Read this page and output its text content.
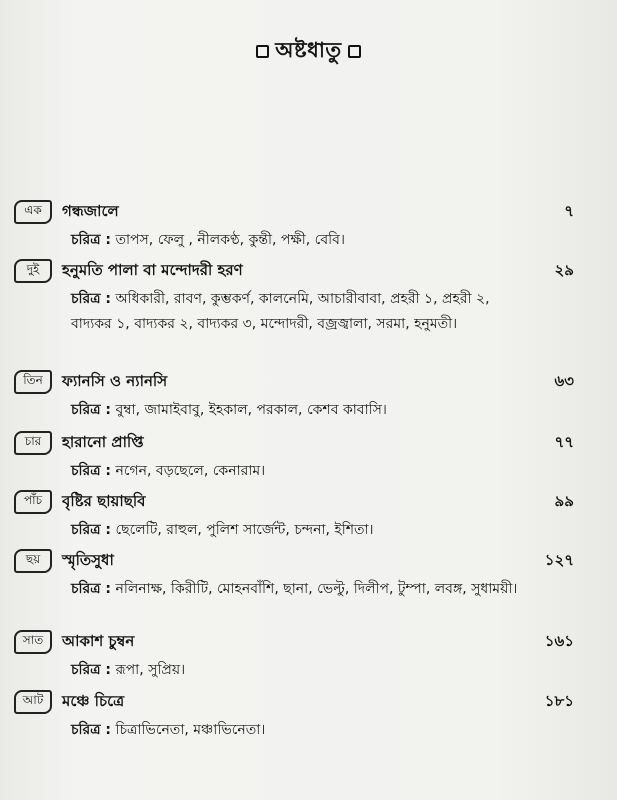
অষ্টধাতু
এক	গন্ধজালে	৭
চরিত্র : তাপস, ফেলু , নীলকণ্ঠ, কুন্তী, পক্ষী, বেবি।
দুই	হনুমতি পালা বা মন্দোদরী হরণ	২৯
চরিত্র : অধিকারী, রাবণ, কুম্ভকর্ণ, কালনেমি, আচারীবাবা, প্রহরী ১, প্রহরী ২, বাদ্যকর ১, বাদ্যকর ২, বাদ্যকর ৩, মন্দোদরী, বজ্রজ্বালা, সরমা, হনুমতী।
তিন	ফ্যানসি ও ন্যানসি	৬৩
চরিত্র : বুম্বা, জামাইবাবু, ইহকাল, পরকাল, কেশব কাবাসি।
চার	হারানো প্রাপ্তি	৭৭
চরিত্র : নগেন, বড়ছেলে, কেনারাম।
পাঁচ	বৃষ্টির ছায়াছবি	৯৯
চরিত্র : ছেলেটি, রাহুল, পুলিশ সার্জেন্ট, চন্দনা, ইশিতা।
ছয়	স্মৃতিসুধা	১২৭
চরিত্র : নলিনাক্ষ, কিরীটি, মোহনবাঁশি, ছানা, ভেল্টু, দিলীপ, টুম্পা, লবঙ্গ, সুধাময়ী।
সাত	আকাশ চুম্বন	১৬১
চরিত্র : রূপা, সুপ্রিয়।
আট	মঞ্চে চিত্রে	১৮১
চরিত্র : চিত্রাভিনেতা, মঞ্চাভিনেতা।
